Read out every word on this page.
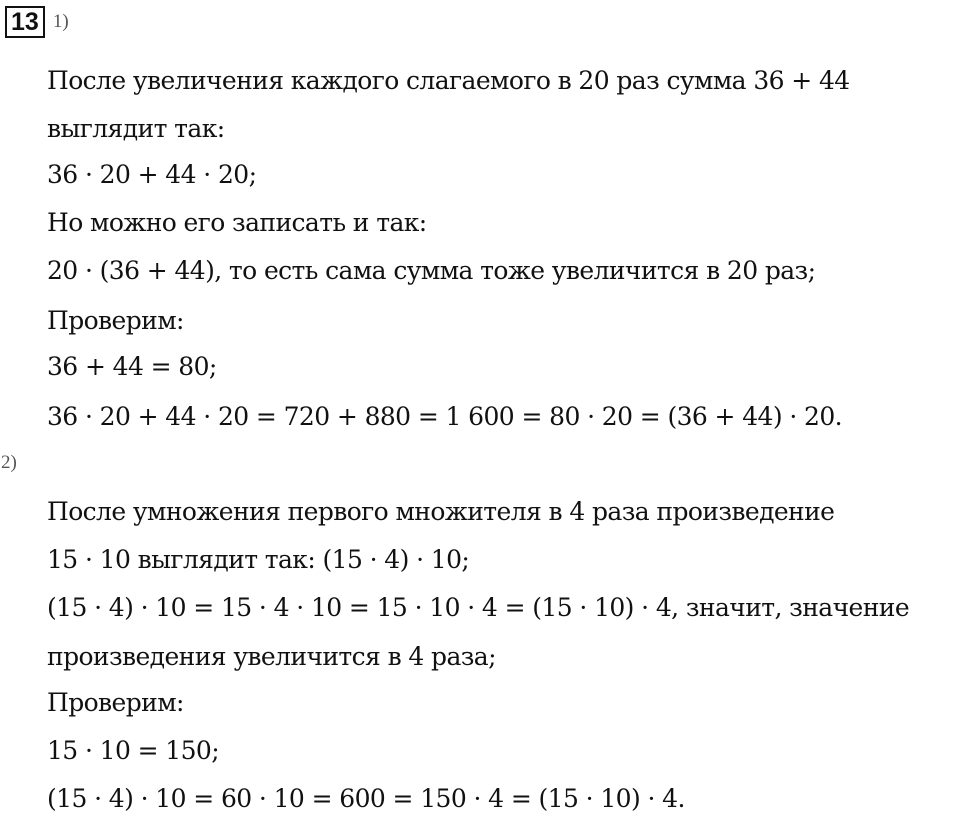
13 1)
После увеличения каждого слагаемого в 20 раз сумма 36 + 44
выглядит так:
36 · 20 + 44 · 20;
Но можно его записать и так:
20 · (36 + 44), то есть сама сумма тоже увеличится в 20 раз;
Проверим:
36 + 44 = 80;
36 · 20 + 44 · 20 = 720 + 880 = 1 600 = 80 · 20 = (36 + 44) · 20.
2)
После умножения первого множителя в 4 раза произведение
15 · 10 выглядит так: (15 · 4) · 10;
(15 · 4) · 10 = 15 · 4 · 10 = 15 · 10 · 4 = (15 · 10) · 4, значит, значение
произведения увеличится в 4 раза;
Проверим:
15 · 10 = 150;
(15 · 4) · 10 = 60 · 10 = 600 = 150 · 4 = (15 · 10) · 4.
